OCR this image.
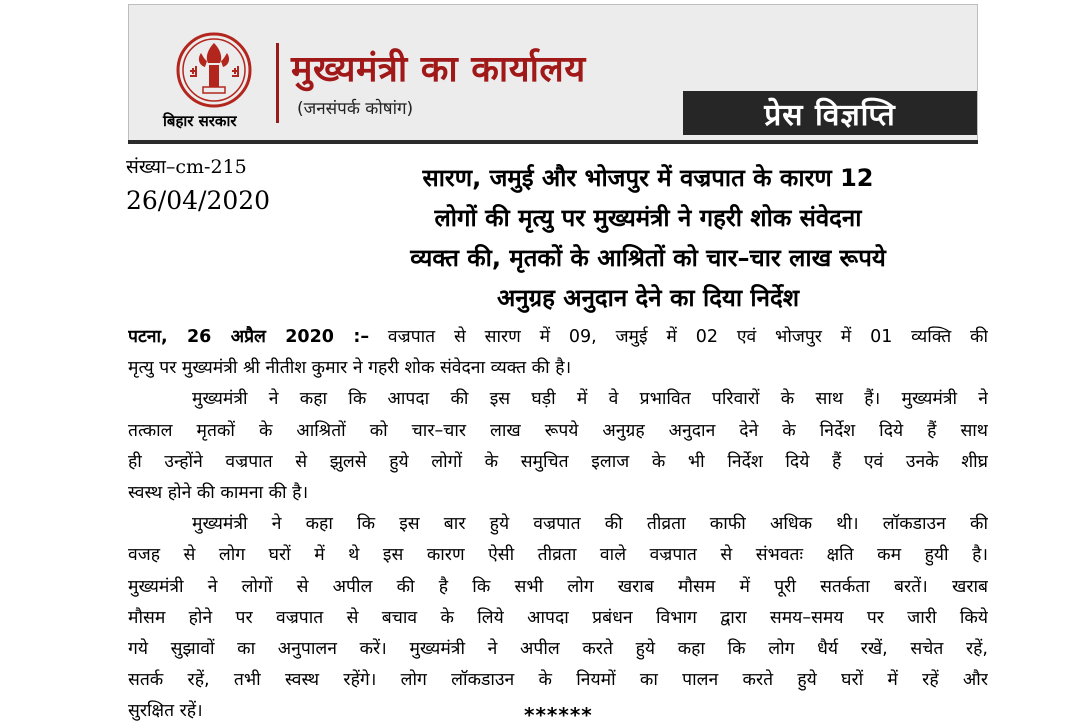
बिहार सरकार
मुख्यमंत्री का कार्यालय
(जनसंपर्क कोषांग)	प्रेस विज्ञप्ति
संख्या–cm-215
26/04/2020
सारण, जमुई और भोजपुर में वज्रपात के कारण 12
लोगों की मृत्यु पर मुख्यमंत्री ने गहरी शोक संवेदना
व्यक्त की, मृतकों के आश्रितों को चार–चार लाख रूपये
अनुग्रह अनुदान देने का दिया निर्देश
पटना, 26 अप्रैल 2020 :– वज्रपात से सारण में 09, जमुई में 02 एवं भोजपुर में 01 व्यक्ति की
मृत्यु पर मुख्यमंत्री श्री नीतीश कुमार ने गहरी शोक संवेदना व्यक्त की है।
मुख्यमंत्री ने कहा कि आपदा की इस घड़ी में वे प्रभावित परिवारों के साथ हैं। मुख्यमंत्री ने
तत्काल मृतकों के आश्रितों को चार–चार लाख रूपये अनुग्रह अनुदान देने के निर्देश दिये हैं साथ
ही उन्होंने वज्रपात से झुलसे हुये लोगों के समुचित इलाज के भी निर्देश दिये हैं एवं उनके शीघ्र
स्वस्थ होने की कामना की है।
मुख्यमंत्री ने कहा कि इस बार हुये वज्रपात की तीव्रता काफी अधिक थी। लॉकडाउन की
वजह से लोग घरों में थे इस कारण ऐसी तीव्रता वाले वज्रपात से संभवतः क्षति कम हुयी है।
मुख्यमंत्री ने लोगों से अपील की है कि सभी लोग खराब मौसम में पूरी सतर्कता बरतें। खराब
मौसम होने पर वज्रपात से बचाव के लिये आपदा प्रबंधन विभाग द्वारा समय–समय पर जारी किये
गये सुझावों का अनुपालन करें। मुख्यमंत्री ने अपील करते हुये कहा कि लोग धैर्य रखें, सचेत रहें,
सतर्क रहें, तभी स्वस्थ रहेंगे। लोग लॉकडाउन के नियमों का पालन करते हुये घरों में रहें और
सुरक्षित रहें।	******
